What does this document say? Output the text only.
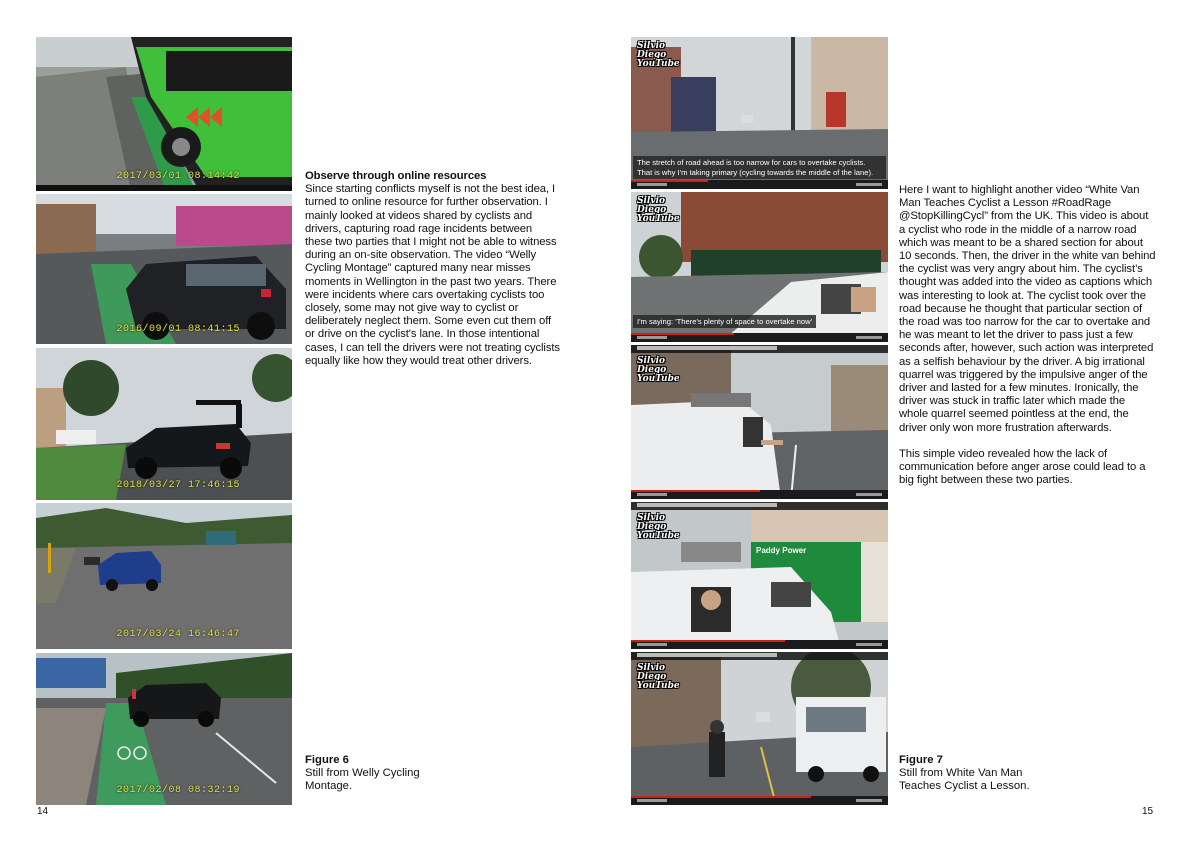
2017/03/01 08:14:42
2016/09/01 08:41:15
2018/03/27 17:46:15
2017/03/24 16:46:47
2017/02/08 08:32:19

Observe through online resources

Since starting conflicts myself is not the best idea, I turned to online resource for further observation. I mainly looked at videos shared by cyclists and drivers, capturing road rage incidents between these two parties that I might not be able to witness during an on-site observation. The video “Welly Cycling Montage” captured many near misses moments in Wellington in the past two years. There were incidents where cars overtaking cyclists too closely, some may not give way to cyclist or deliberately neglect them. Some even cut them off or drive on the cyclist's lane. In those intentional cases, I can tell the drivers were not treating cyclists equally like how they would treat other drivers.

Figure 6
Still from Welly Cycling Montage.
14
Silvio Diego YouTube
The stretch of road ahead is too narrow for cars to overtake cyclists.
That is why I'm taking primary (cycling towards the middle of the lane).
Silvio Diego YouTube
I'm saying: 'There's plenty of space to overtake now'
Silvio Diego YouTube
Silvio Diego YouTube
Paddy Power
Silvio Diego YouTube

Here I want to highlight another video “White Van Man Teaches Cyclist a Lesson #RoadRage @StopKillingCycl” from the UK. This video is about a cyclist who rode in the middle of a narrow road which was meant to be a shared section for about 10 seconds. Then, the driver in the white van behind the cyclist was very angry about him. The cyclist’s thought was added into the video as captions which was interesting to look at. The cyclist took over the road because he thought that particular section of the road was too narrow for the car to overtake and he was meant to let the driver to pass just a few seconds after, however, such action was interpreted as a selfish behaviour by the driver. A big irrational quarrel was triggered by the impulsive anger of the driver and lasted for a few minutes. Ironically, the driver was stuck in traffic later which made the whole quarrel seemed pointless at the end, the driver only won more frustration afterwards.

This simple video revealed how the lack of communication before anger arose could lead to a big fight between these two parties.

Figure 7
Still from White Van Man Teaches Cyclist a Lesson.
15
